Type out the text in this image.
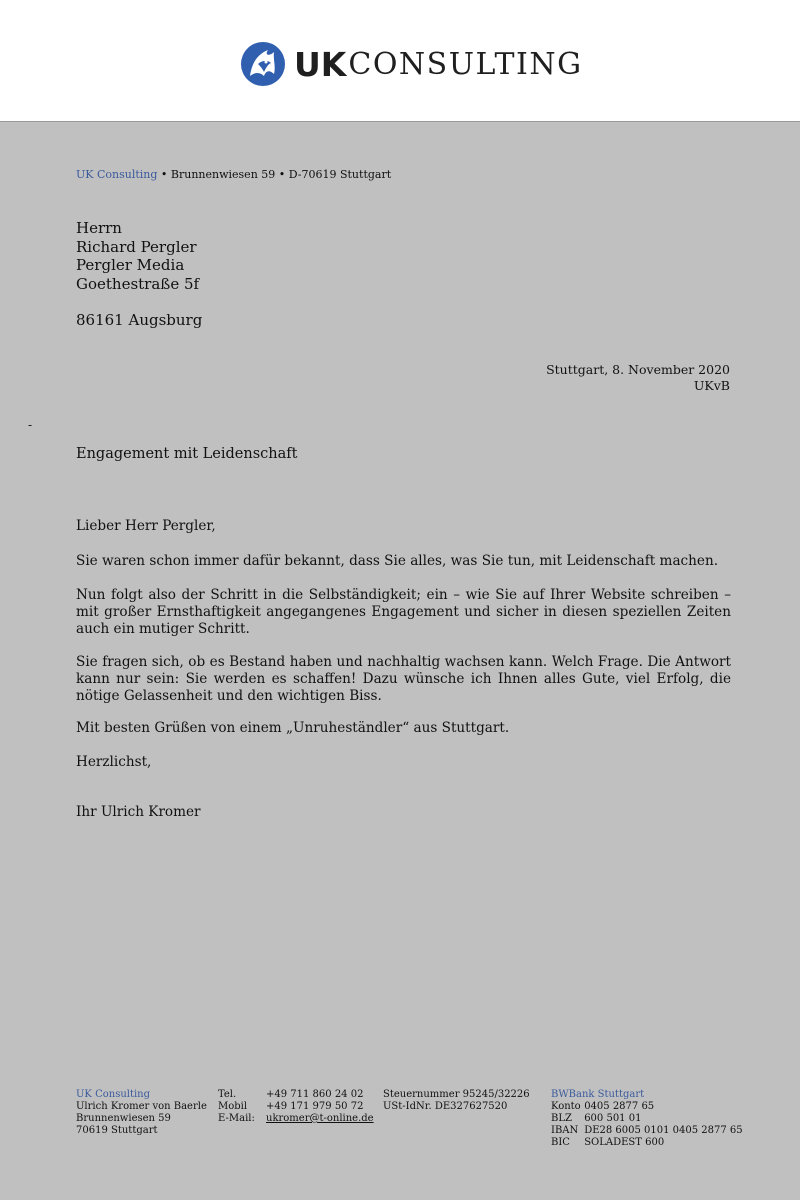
UK CONSULTING
UK Consulting • Brunnenwiesen 59 • D-70619 Stuttgart
Herrn
Richard Pergler
Pergler Media
Goethestraße 5f
86161 Augsburg
Stuttgart, 8. November 2020
UKvB
-
Engagement mit Leidenschaft
Lieber Herr Pergler,
Sie waren schon immer dafür bekannt, dass Sie alles, was Sie tun, mit Leidenschaft machen.
Nun folgt also der Schritt in die Selbständigkeit; ein – wie Sie auf Ihrer Website schreiben – mit großer Ernsthaftigkeit angegangenes Engagement und sicher in diesen speziellen Zeiten auch ein mutiger Schritt.
Sie fragen sich, ob es Bestand haben und nachhaltig wachsen kann. Welch Frage. Die Antwort kann nur sein: Sie werden es schaffen! Dazu wünsche ich Ihnen alles Gute, viel Erfolg, die nötige Gelassenheit und den wichtigen Biss.
Mit besten Grüßen von einem „Unruheständler“ aus Stuttgart.
Herzlichst,
Ihr Ulrich Kromer
UK Consulting
Ulrich Kromer von Baerle
Brunnenwiesen 59
70619 Stuttgart
Tel.	+49 711 860 24 02
Mobil +49 171 979 50 72
E-Mail: ukromer@t-online.de
Steuernummer 95245/32226
USt-IdNr. DE327627520
BWBank Stuttgart
Konto 0405 2877 65
BLZ 600 501 01
IBAN DE28 6005 0101 0405 2877 65
BIC SOLADEST 600
